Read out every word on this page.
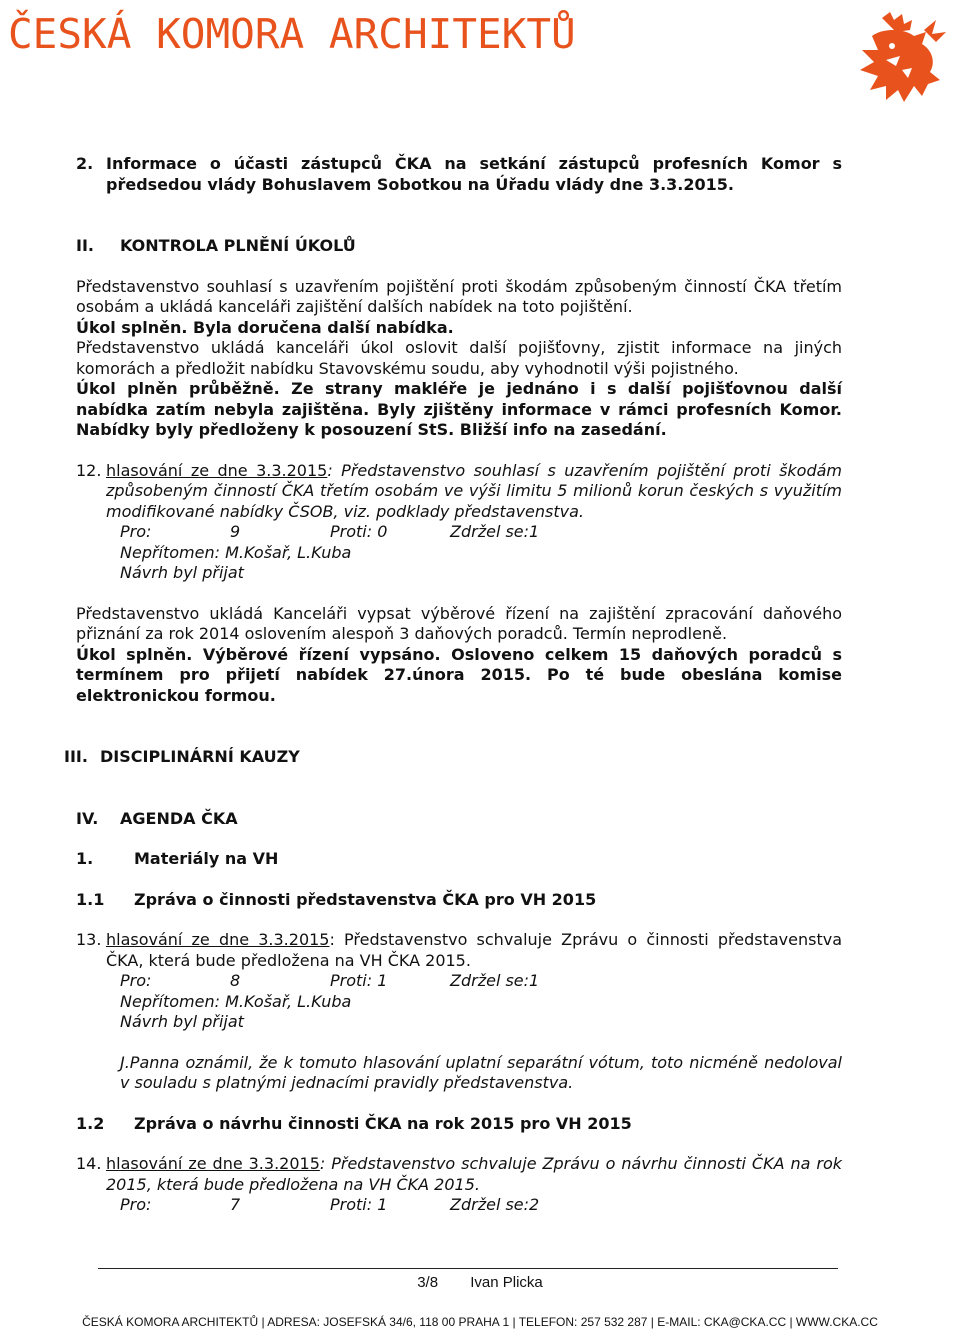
ČESKÁ KOMORA ARCHITEKTŮ
2. Informace o účasti zástupců ČKA na setkání zástupců profesních Komor s předsedou vlády Bohuslavem Sobotkou na Úřadu vlády dne 3.3.2015.
II.	KONTROLA PLNĚNÍ ÚKOLŮ

Představenstvo souhlasí s uzavřením pojištění proti škodám způsobeným činností ČKA třetím osobám a ukládá kanceláři zajištění dalších nabídek na toto pojištění.

Úkol splněn. Byla doručena další nabídka.

Představenstvo ukládá kanceláři úkol oslovit další pojišťovny, zjistit informace na jiných komorách a předložit nabídku Stavovskému soudu, aby vyhodnotil výši pojistného.

Úkol plněn průběžně. Ze strany makléře je jednáno i s další pojišťovnou další nabídka zatím nebyla zajištěna. Byly zjištěny informace v rámci profesních Komor. Nabídky byly předloženy k posouzení StS. Bližší info na zasedání.

12. hlasování ze dne 3.3.2015: Představenstvo souhlasí s uzavřením pojištění proti škodám způsobeným činností ČKA třetím osobám ve výši limitu 5 milionů korun českých s využitím modifikované nabídky ČSOB, viz. podklady představenstva.
Pro:	9	Proti: 0	Zdržel se:1
Nepřítomen: M.Košař, L.Kuba
Návrh byl přijat

Představenstvo ukládá Kanceláři vypsat výběrové řízení na zajištění zpracování daňového přiznání za rok 2014 oslovením alespoň 3 daňových poradců. Termín neprodleně.

Úkol splněn. Výběrové řízení vypsáno. Osloveno celkem 15 daňových poradců s termínem pro přijetí nabídek 27.února 2015. Po té bude obeslána komise elektronickou formou.

III. DISCIPLINÁRNÍ KAUZY
IV.	AGENDA ČKA
1.	Materiály na VH
1.1	Zpráva o činnosti představenstva ČKA pro VH 2015
13. hlasování ze dne 3.3.2015: Představenstvo schvaluje Zprávu o činnosti představenstva ČKA, která bude předložena na VH ČKA 2015.
Pro:	8	Proti: 1	Zdržel se:1
Nepřítomen: M.Košař, L.Kuba
Návrh byl přijat
J.Panna oznámil, že k tomuto hlasování uplatní separátní vótum, toto nicméně nedoloval v souladu s platnými jednacími pravidly představenstva.
1.2	Zpráva o návrhu činnosti ČKA na rok 2015 pro VH 2015
14. hlasování ze dne 3.3.2015: Představenstvo schvaluje Zprávu o návrhu činnosti ČKA na rok 2015, která bude předložena na VH ČKA 2015.
Pro:	7	Proti: 1	Zdržel se:2
3/8 Ivan Plicka
ČESKÁ KOMORA ARCHITEKTŮ | ADRESA: JOSEFSKÁ 34/6, 118 00 PRAHA 1 | TELEFON: 257 532 287 | E-MAIL: CKA@CKA.CC | WWW.CKA.CC
